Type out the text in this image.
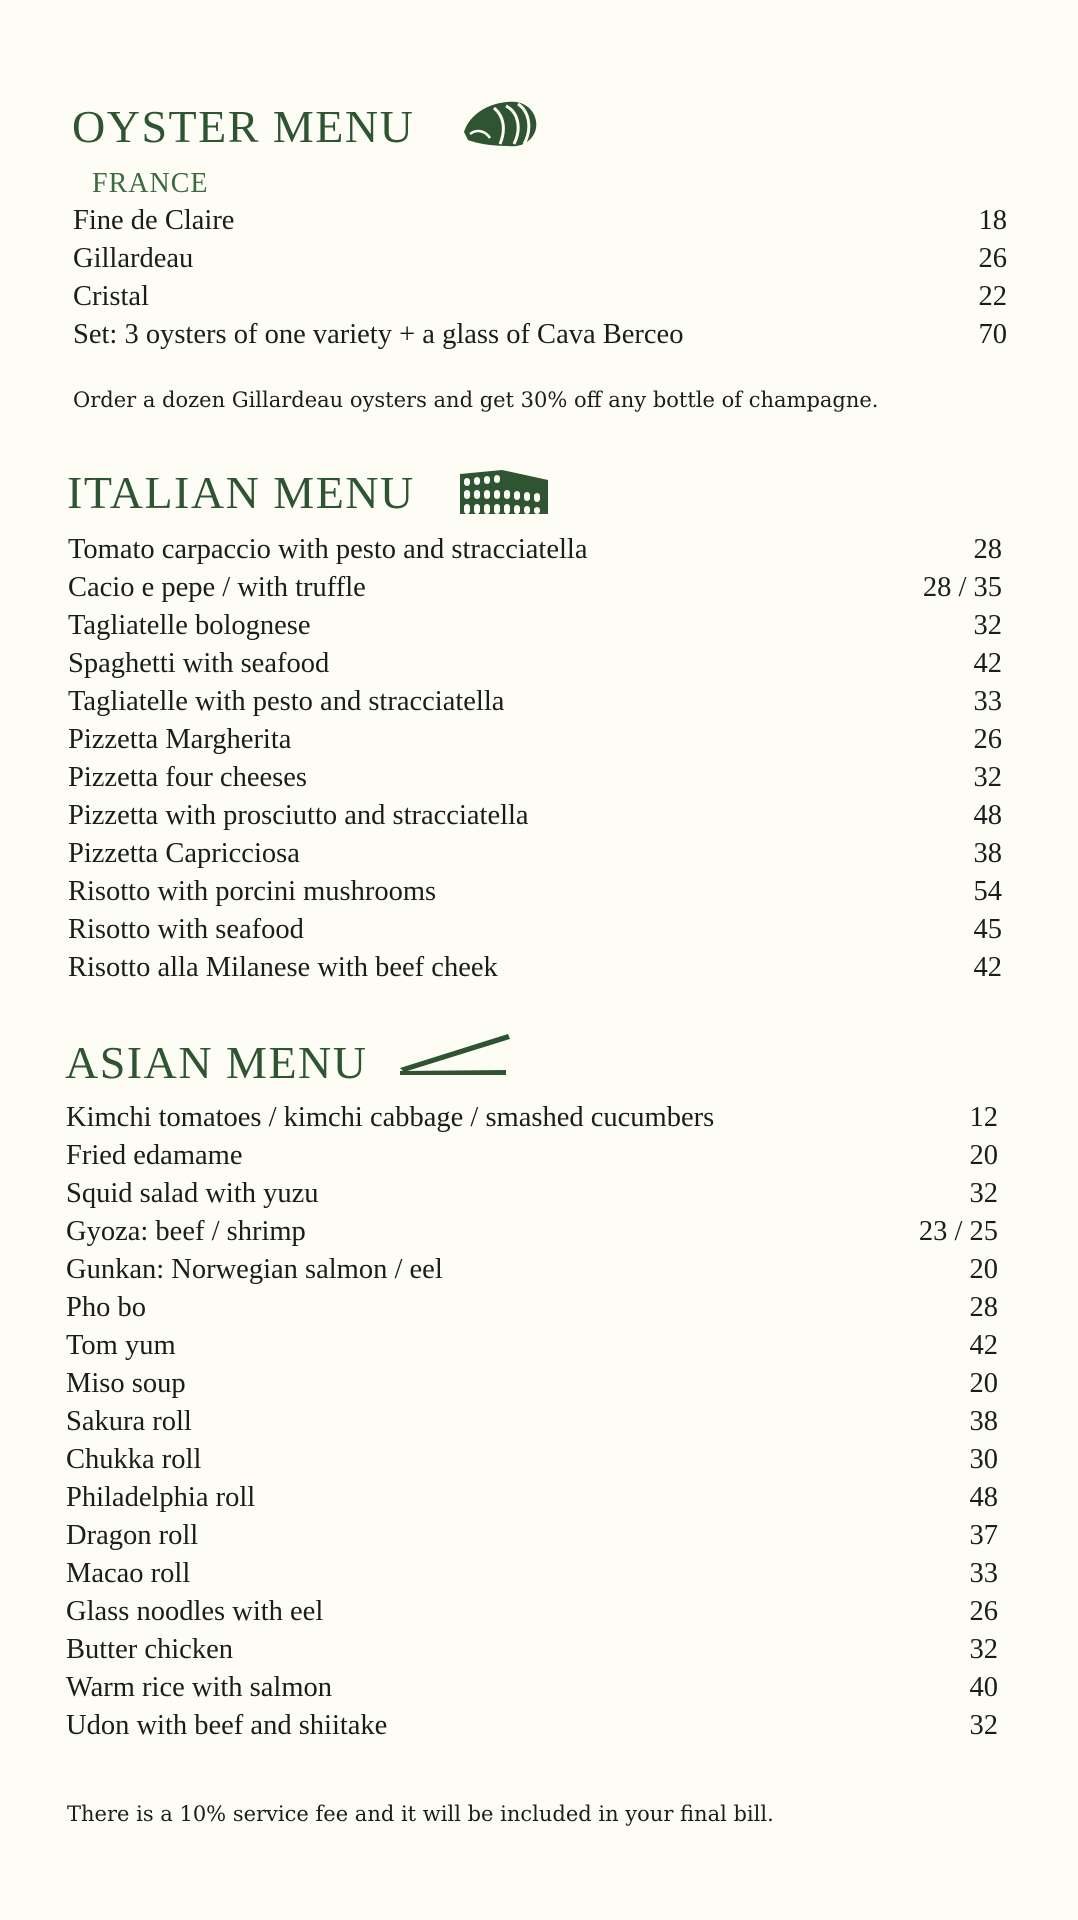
OYSTER MENU
FRANCE
Fine de Claire	18
Gillardeau	26
Cristal	22
Set: 3 oysters of one variety + a glass of Cava Berceo	70
Order a dozen Gillardeau oysters and get 30% off any bottle of champagne.
ITALIAN MENU
Tomato carpaccio with pesto and stracciatella	28
Cacio e pepe / with truffle	28 / 35
Tagliatelle bolognese	32
Spaghetti with seafood	42
Tagliatelle with pesto and stracciatella	33
Pizzetta Margherita	26
Pizzetta four cheeses	32
Pizzetta with prosciutto and stracciatella	48
Pizzetta Capricciosa	38
Risotto with porcini mushrooms	54
Risotto with seafood	45
Risotto alla Milanese with beef cheek	42
ASIAN MENU
Kimchi tomatoes / kimchi cabbage / smashed cucumbers	12
Fried edamame	20
Squid salad with yuzu	32
Gyoza: beef / shrimp	23 / 25
Gunkan: Norwegian salmon / eel	20
Pho bo	28
Tom yum	42
Miso soup	20
Sakura roll	38
Chukka roll	30
Philadelphia roll	48
Dragon roll	37
Macao roll	33
Glass noodles with eel	26
Butter chicken	32
Warm rice with salmon	40
Udon with beef and shiitake	32
There is a 10% service fee and it will be included in your final bill.
